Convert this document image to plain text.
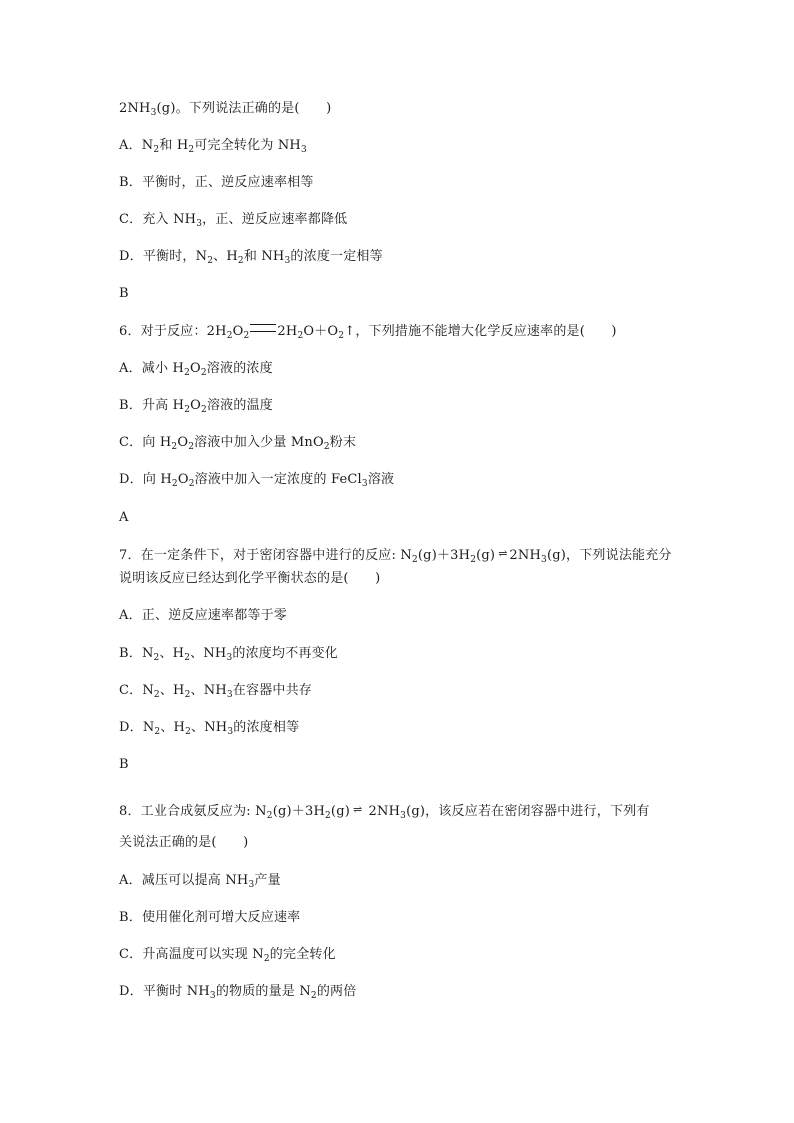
$2NH_3(g)$。下列说法正确的是(　　)
A．$N_2$和 $H_2$可完全转化为 $NH_3$
B．平衡时，正、逆反应速率相等
C．充入 $NH_3$，正、逆反应速率都降低
D．平衡时，$N_2$、$H_2$和 $NH_3$的浓度一定相等
B
6．对于反应：$2H_2O_2$ $2H_2O+O_2↑$，下列措施不能增大化学反应速率的是(　　)
A．减小 $H_2O_2$溶液的浓度
B．升高 $H_2O_2$溶液的温度
C．向 $H_2O_2$溶液中加入少量 MnO$_2$粉末
D．向 $H_2O_2$溶液中加入一定浓度的 FeCl$_3$溶液
A
7．在一定条件下，对于密闭容器中进行的反应: $N_2(g)+3H_2(g)$ ⇌ $2NH_3(g)$，下列说法能充分
说明该反应已经达到化学平衡状态的是(　　)
A．正、逆反应速率都等于零
B．$N_2$、$H_2$、$NH_3$的浓度均不再变化
C．$N_2$、$H_2$、$NH_3$在容器中共存
D．$N_2$、$H_2$、$NH_3$的浓度相等
B
8．工业合成氨反应为: $N_2(g)+3H_2(g)$ ⇌ $2NH_3(g)$，该反应若在密闭容器中进行，下列有
关说法正确的是(　　)
A．减压可以提高 $NH_3$产量
B．使用催化剂可增大反应速率
C．升高温度可以实现 $N_2$的完全转化
D．平衡时 $NH_3$的物质的量是 $N_2$的两倍
